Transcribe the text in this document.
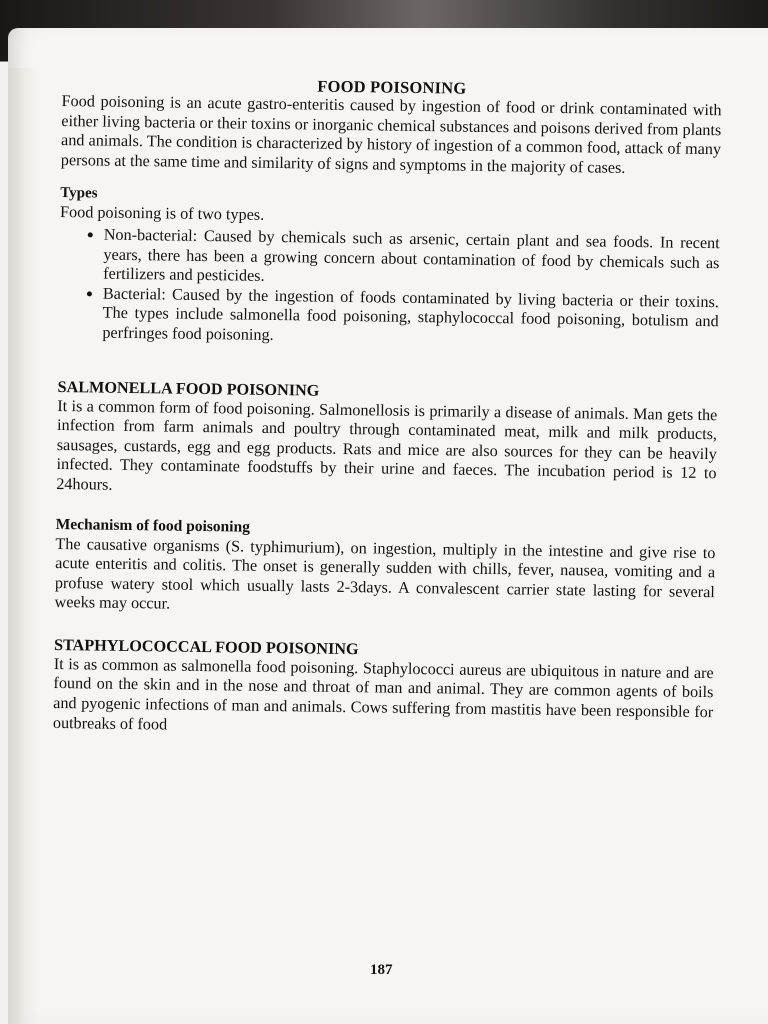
FOOD POISONING

Food poisoning is an acute gastro-enteritis caused by ingestion of food or drink contaminated with either living bacteria or their toxins or inorganic chemical substances and poisons derived from plants and animals. The condition is characterized by history of ingestion of a common food, attack of many persons at the same time and similarity of signs and symptoms in the majority of cases.

Types

Food poisoning is of two types.

• Non-bacterial: Caused by chemicals such as arsenic, certain plant and sea foods. In recent years, there has been a growing concern about contamination of food by chemicals such as fertilizers and pesticides.
• Bacterial: Caused by the ingestion of foods contaminated by living bacteria or their toxins. The types include salmonella food poisoning, staphylococcal food poisoning, botulism and perfringes food poisoning.
SALMONELLA FOOD POISONING

It is a common form of food poisoning. Salmonellosis is primarily a disease of animals. Man gets the infection from farm animals and poultry through contaminated meat, milk and milk products, sausages, custards, egg and egg products. Rats and mice are also sources for they can be heavily infected. They contaminate foodstuffs by their urine and faeces. The incubation period is 12 to 24hours.

Mechanism of food poisoning

The causative organisms (S. typhimurium), on ingestion, multiply in the intestine and give rise to acute enteritis and colitis. The onset is generally sudden with chills, fever, nausea, vomiting and a profuse watery stool which usually lasts 2-3days. A convalescent carrier state lasting for several weeks may occur.

STAPHYLOCOCCAL FOOD POISONING

It is as common as salmonella food poisoning. Staphylococci aureus are ubiquitous in nature and are found on the skin and in the nose and throat of man and animal. They are common agents of boils and pyogenic infections of man and animals. Cows suffering from mastitis have been responsible for outbreaks of food

187
